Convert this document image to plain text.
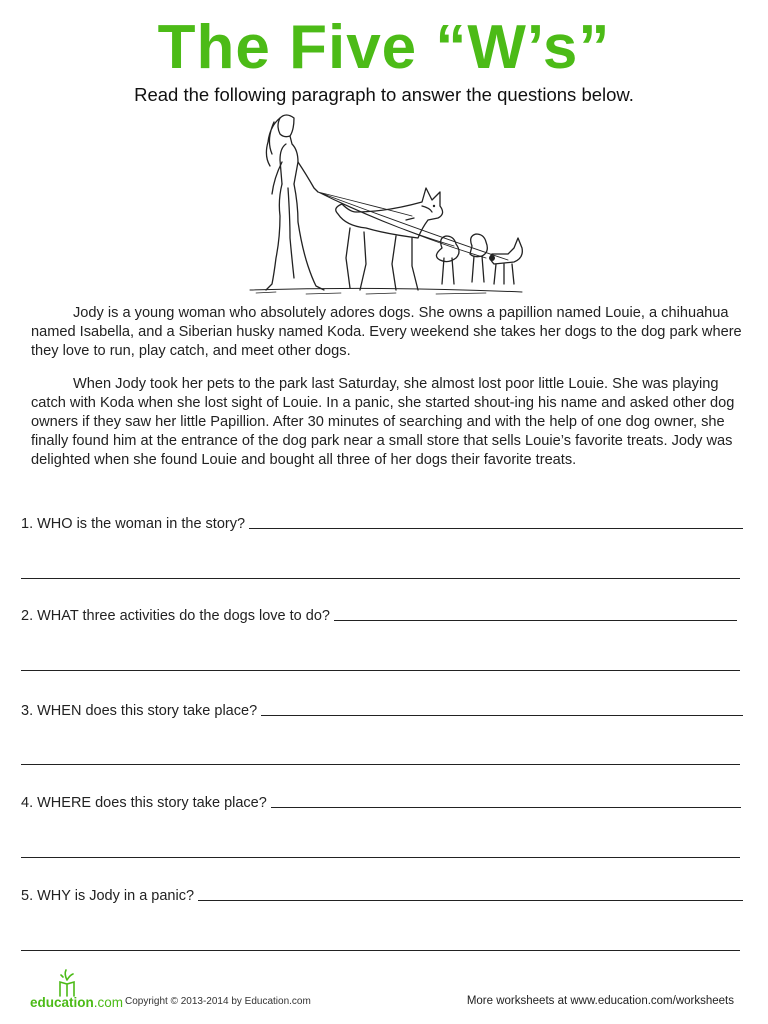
The Five “W’s”
Read the following paragraph to answer the questions below.

Jody is a young woman who absolutely adores dogs. She owns a papillion named Louie, a chihuahua named Isabella, and a Siberian husky named Koda. Every weekend she takes her dogs to the dog park where they love to run, play catch, and meet other dogs.

When Jody took her pets to the park last Saturday, she almost lost poor little Louie. She was playing catch with Koda when she lost sight of Louie. In a panic, she started shout-ing his name and asked other dog owners if they saw her little Papillion. After 30 minutes of searching and with the help of one dog owner, she finally found him at the entrance of the dog park near a small store that sells Louie’s favorite treats. Jody was delighted when she found Louie and bought all three of her dogs their favorite treats.

1. WHO is the woman in the story?
2. WHAT three activities do the dogs love to do?
3. WHEN does this story take place?
4. WHERE does this story take place?
5. WHY is Jody in a panic?
education.com Copyright © 2013-2014 by Education.com	More worksheets at www.education.com/worksheets
